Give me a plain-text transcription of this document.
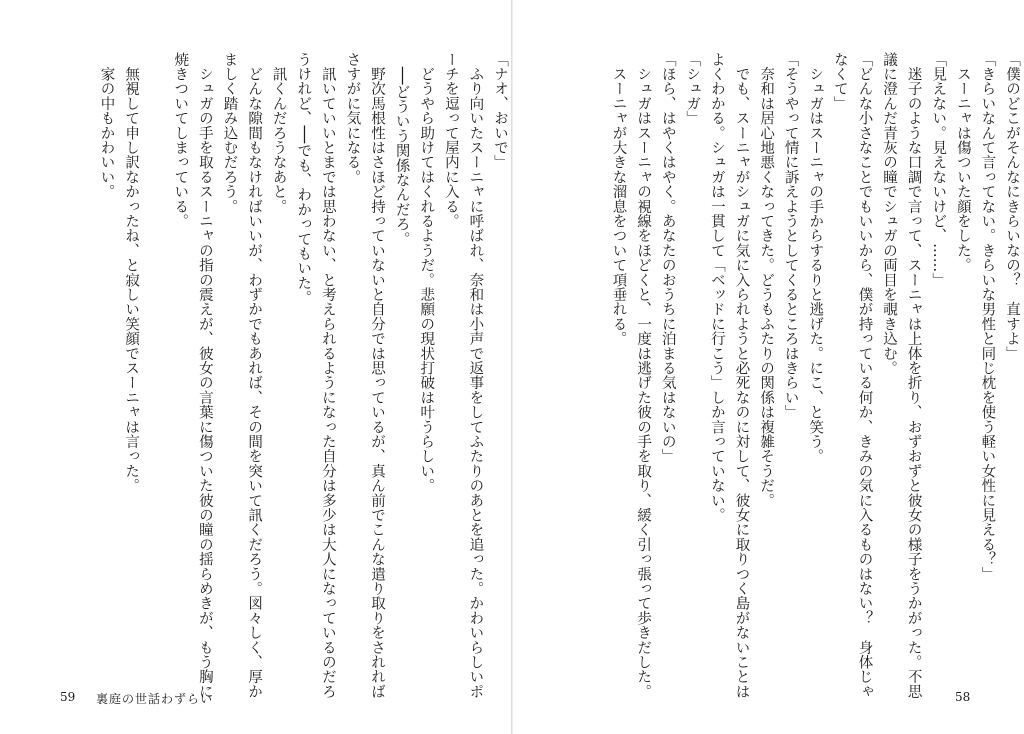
「ナオ、おいで」
　ふり向いたスーニャに呼ばれ、奈和は小声で返事をしてふたりのあとを追った。かわいらしいポ
ーチを逗って屋内に入る。
　どうやら助けてはくれるようだ。悲願の現状打破は叶うらしい。
　──どういう関係なんだろ。
　野次馬根性はさほど持っていないと自分では思っているが、真ん前でこんな遣り取りをされれば
さすがに気になる。
　訊いていいとまでは思わない、と考えられるようになった自分は多少は大人になっているのだろ
うけれど、──でも、わかってもいた。
　訊くんだろうなあと。
　どんな隙間もなければいいが、わずかでもあれば、その間を突いて訊くだろう。図々しく、厚か
ましく踏み込むだろう。
　シュガの手を取るスーニャの指の震えが、彼女の言葉に傷ついた彼の瞳の揺らめきが、もう胸に
焼きついてしまっている。

　無視して申し訳なかったね、と寂しい笑顔でスーニャは言った。
　家の中もかわいい。
59 裏庭の世話わずらい
「僕のどこがそんなにきらいなの？　直すよ」
「きらいなんて言ってない。きらいな男性と同じ枕を使う軽い女性に見える？」
　スーニャは傷ついた顔をした。
「見えない。見えないけど、……」
　迷子のような口調で言って、スーニャは上体を折り、おずおずと彼女の様子をうかがった。不思
議に澄んだ青灰の瞳でシュガの両目を覗き込む。
「どんな小さなことでもいいから、僕が持っている何か、きみの気に入るものはない？　身体じゃ
なくて」
　シュガはスーニャの手からするりと逃げた。にこ、と笑う。
「そうやって情に訴えようとしてくるところはきらい」
　奈和は居心地悪くなってきた。どうもふたりの関係は複雑そうだ。
　でも、スーニャがシュガに気に入られようと必死なのに対して、彼女に取りつく島がないことは
よくわかる。シュガは一貫して「ベッドに行こう」しか言っていない。
「シュガ」
「ほら、はやくはやく。あなたのおうちに泊まる気はないの」
　シュガはスーニャの視線をほどくと、一度は逃げた彼の手を取り、緩く引っ張って歩きだした。
　スーニャが大きな溜息をついて項垂れる。
58
